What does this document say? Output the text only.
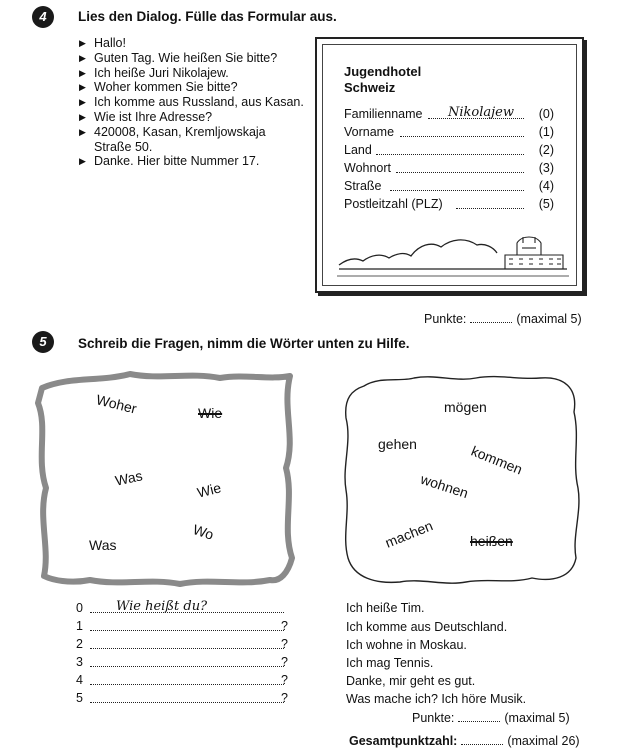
4	Lies den Dialog. Fülle das Formular aus.
▶ Hallo!
▶ Guten Tag. Wie heißen Sie bitte?
▶ Ich heiße Juri Nikolajew.
▶ Woher kommen Sie bitte?
▶ Ich komme aus Russland, aus Kasan.
▶ Wie ist Ihre Adresse?
▶ 420008, Kasan, Kremljowskaja
Straße 50.
▶ Danke. Hier bitte Nummer 17.
Jugendhotel
Schweiz
Familienname Nikolajew (0)
Vorname	(1)
Land	(2)
Wohnort	(3)
Straße	(4)
Postleitzahl (PLZ)	(5)
Punkte:	(maximal 5)
5	Schreib die Fragen, nimm die Wörter unten zu Hilfe.
Woher	Wie
Was
Wie
Wo
Was
mögen
gehen	kommen
wohnen
machen	heißen
0	Wie heißt du?
1	?
2	?
3	?
4	?
5	?
Ich heiße Tim.
Ich komme aus Deutschland.
Ich wohne in Moskau.
Ich mag Tennis.
Danke, mir geht es gut.
Was mache ich? Ich höre Musik.
Punkte:	(maximal 5)
Gesamtpunktzahl:	(maximal 26)
